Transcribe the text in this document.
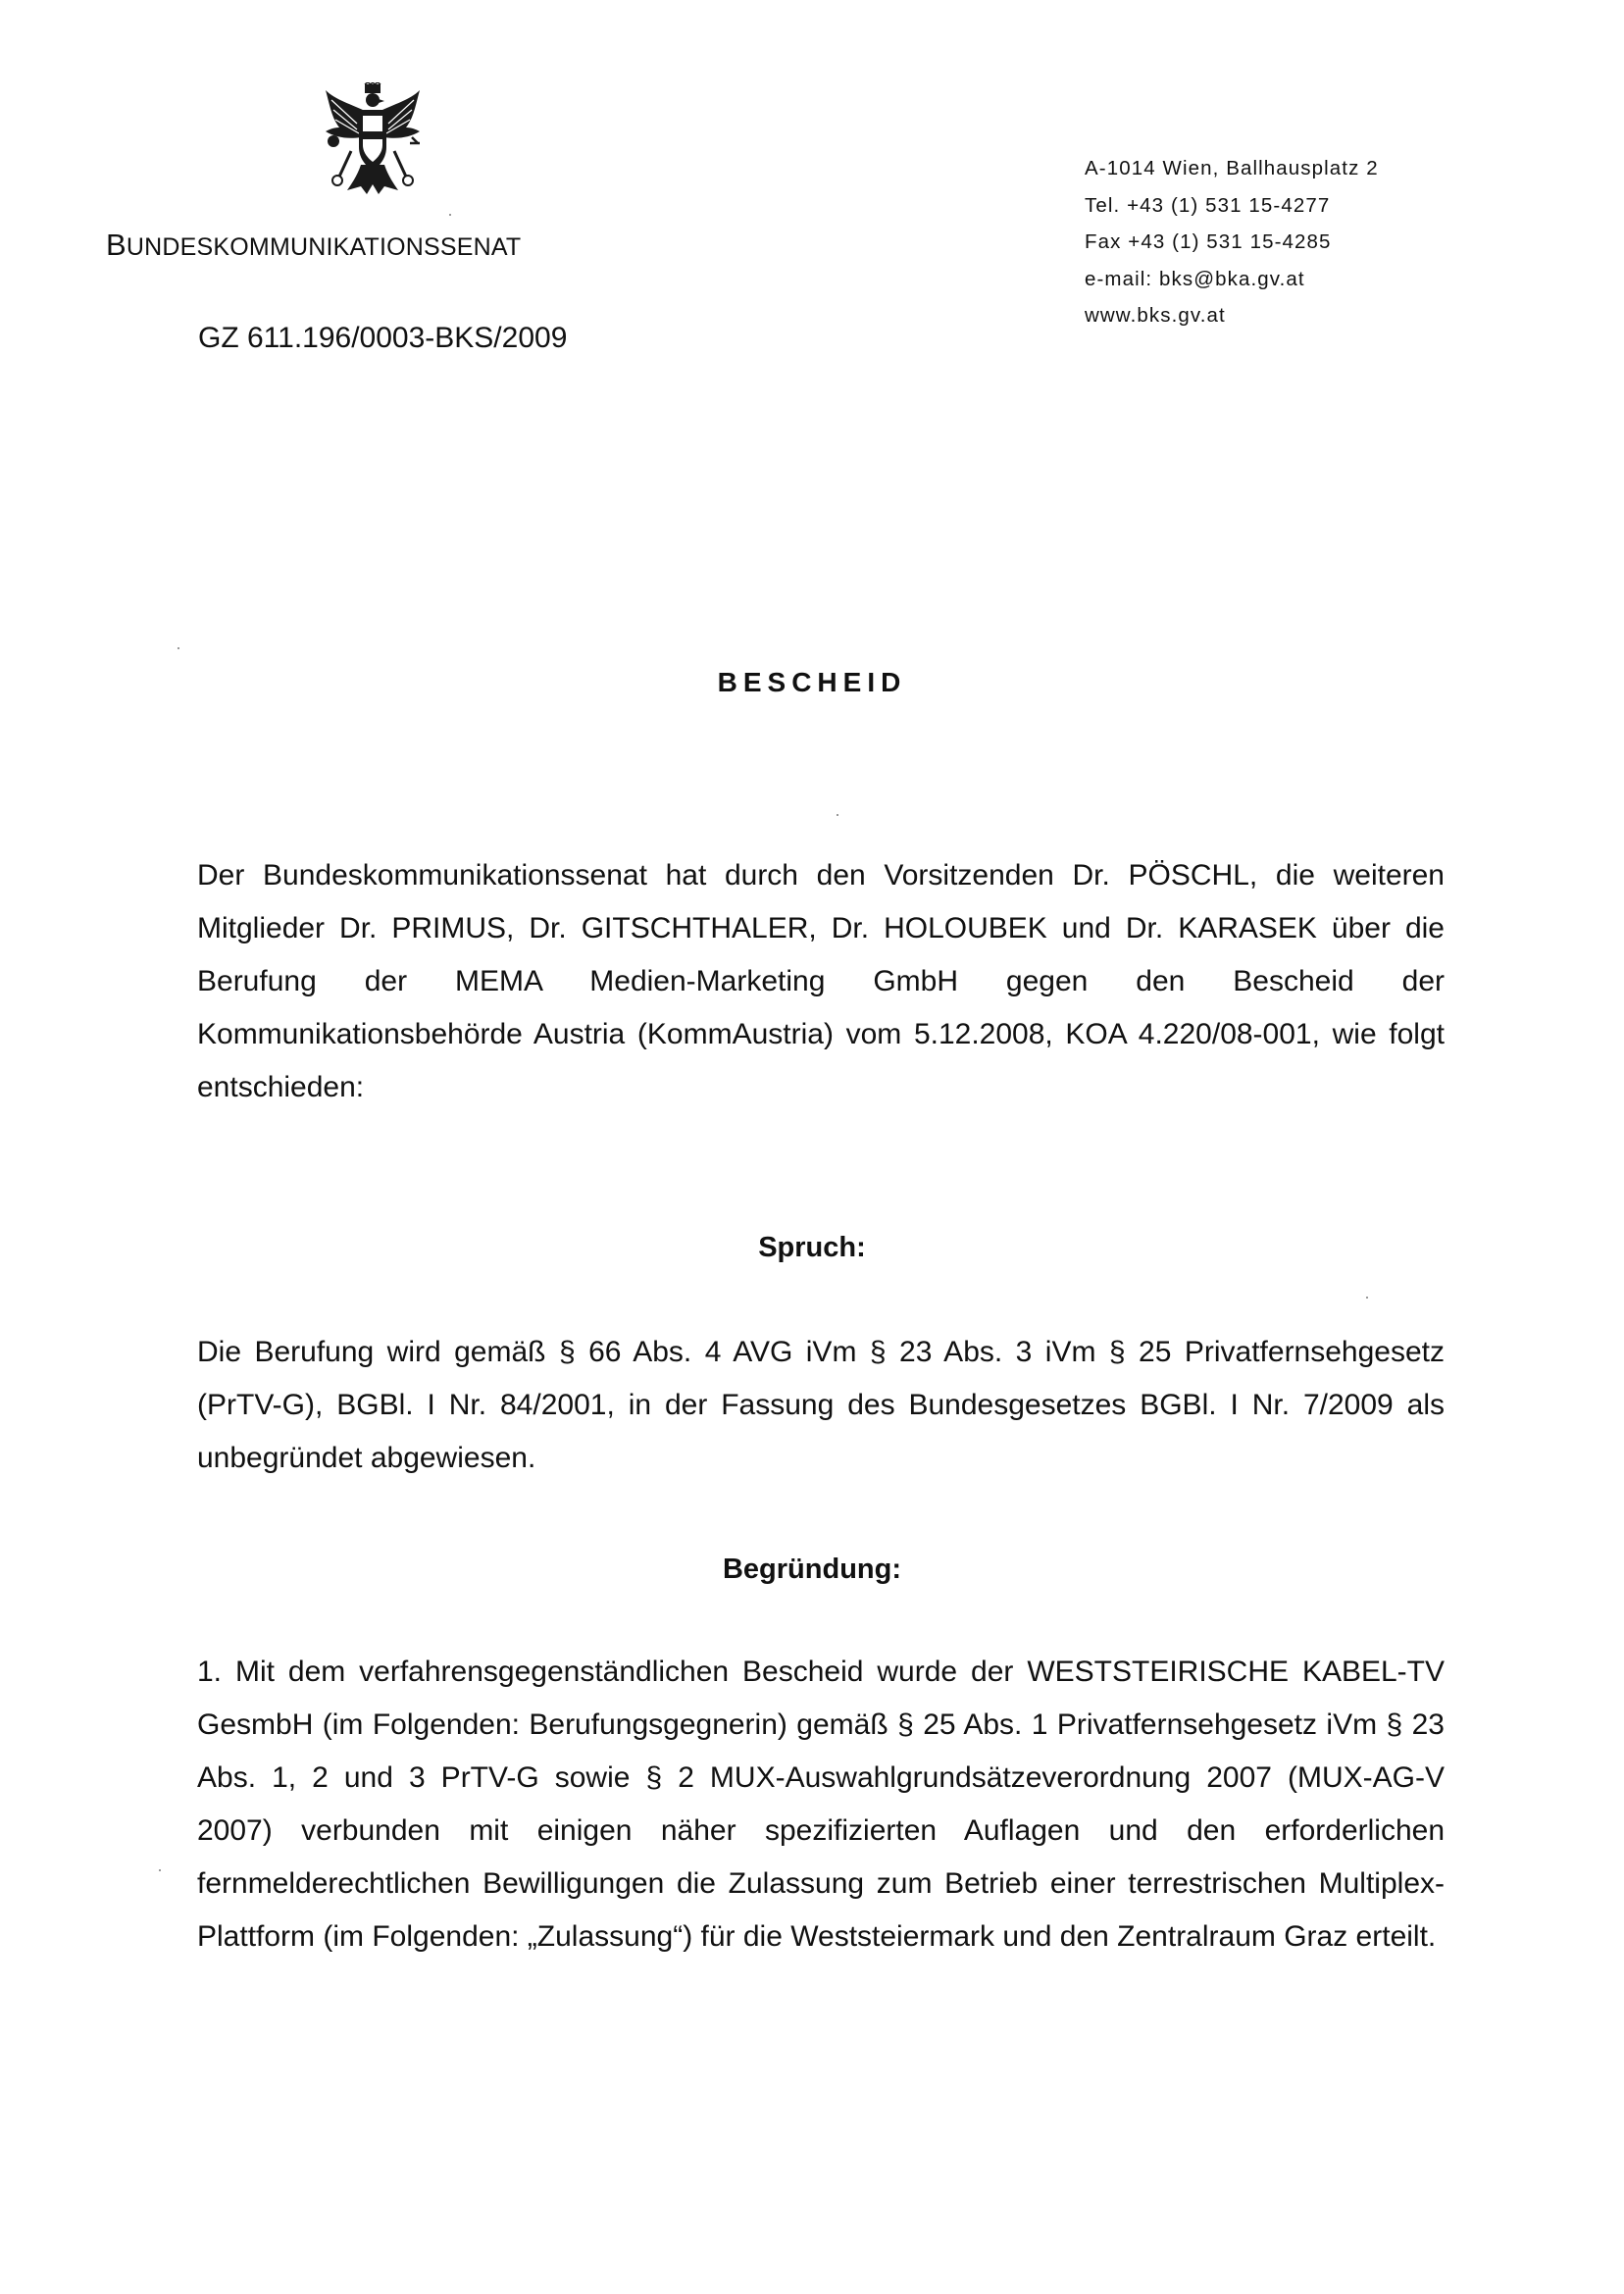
BUNDESKOMMUNIKATIONSSENAT
GZ 611.196/0003-BKS/2009
A-1014 Wien, Ballhausplatz 2
Tel. +43 (1) 531 15-4277
Fax +43 (1) 531 15-4285
e-mail: bks@bka.gv.at
www.bks.gv.at
BESCHEID

Der Bundeskommunikationssenat hat durch den Vorsitzenden Dr. PÖSCHL, die weiteren Mitglieder Dr. PRIMUS, Dr. GITSCHTHALER, Dr. HOLOUBEK und Dr. KARASEK über die Berufung der MEMA Medien-Marketing GmbH gegen den Bescheid der Kommunikationsbehörde Austria (KommAustria) vom 5.12.2008, KOA 4.220/08-001, wie folgt entschieden:

Spruch:

Die Berufung wird gemäß § 66 Abs. 4 AVG iVm § 23 Abs. 3 iVm § 25 Privatfernsehgesetz (PrTV-G), BGBl. I Nr. 84/2001, in der Fassung des Bundesgesetzes BGBl. I Nr. 7/2009 als unbegründet abgewiesen.

Begründung:

1. Mit dem verfahrensgegenständlichen Bescheid wurde der WESTSTEIRISCHE KABEL-TV GesmbH (im Folgenden: Berufungsgegnerin) gemäß § 25 Abs. 1 Privatfernsehgesetz iVm § 23 Abs. 1, 2 und 3 PrTV-G sowie § 2 MUX-Auswahlgrundsätzeverordnung 2007 (MUX-AG-V 2007) verbunden mit einigen näher spezifizierten Auflagen und den erforderlichen fernmelderechtlichen Bewilligungen die Zulassung zum Betrieb einer terrestrischen Multiplex-Plattform (im Folgenden: „Zulassung“) für die Weststeiermark und den Zentralraum Graz erteilt.
